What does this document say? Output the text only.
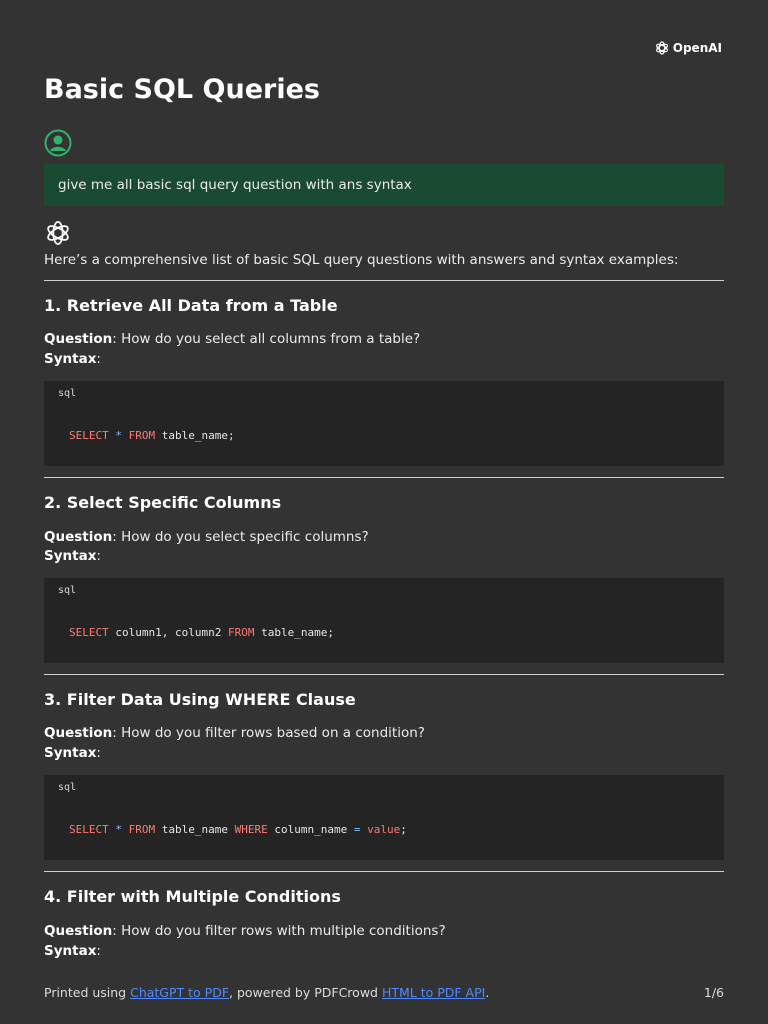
OpenAI
Basic SQL Queries
give me all basic sql query question with ans syntax
Here’s a comprehensive list of basic SQL query questions with answers and syntax examples:
1. Retrieve All Data from a Table
Question: How do you select all columns from a table?
Syntax:
sql
SELECT * FROM table_name;
2. Select Specific Columns
Question: How do you select specific columns?
Syntax:
sql
SELECT column1, column2 FROM table_name;
3. Filter Data Using WHERE Clause
Question: How do you filter rows based on a condition?
Syntax:
sql
SELECT * FROM table_name WHERE column_name = value;
4. Filter with Multiple Conditions
Question: How do you filter rows with multiple conditions?
Syntax:
Printed using ChatGPT to PDF, powered by PDFCrowd HTML to PDF API.	1/6
